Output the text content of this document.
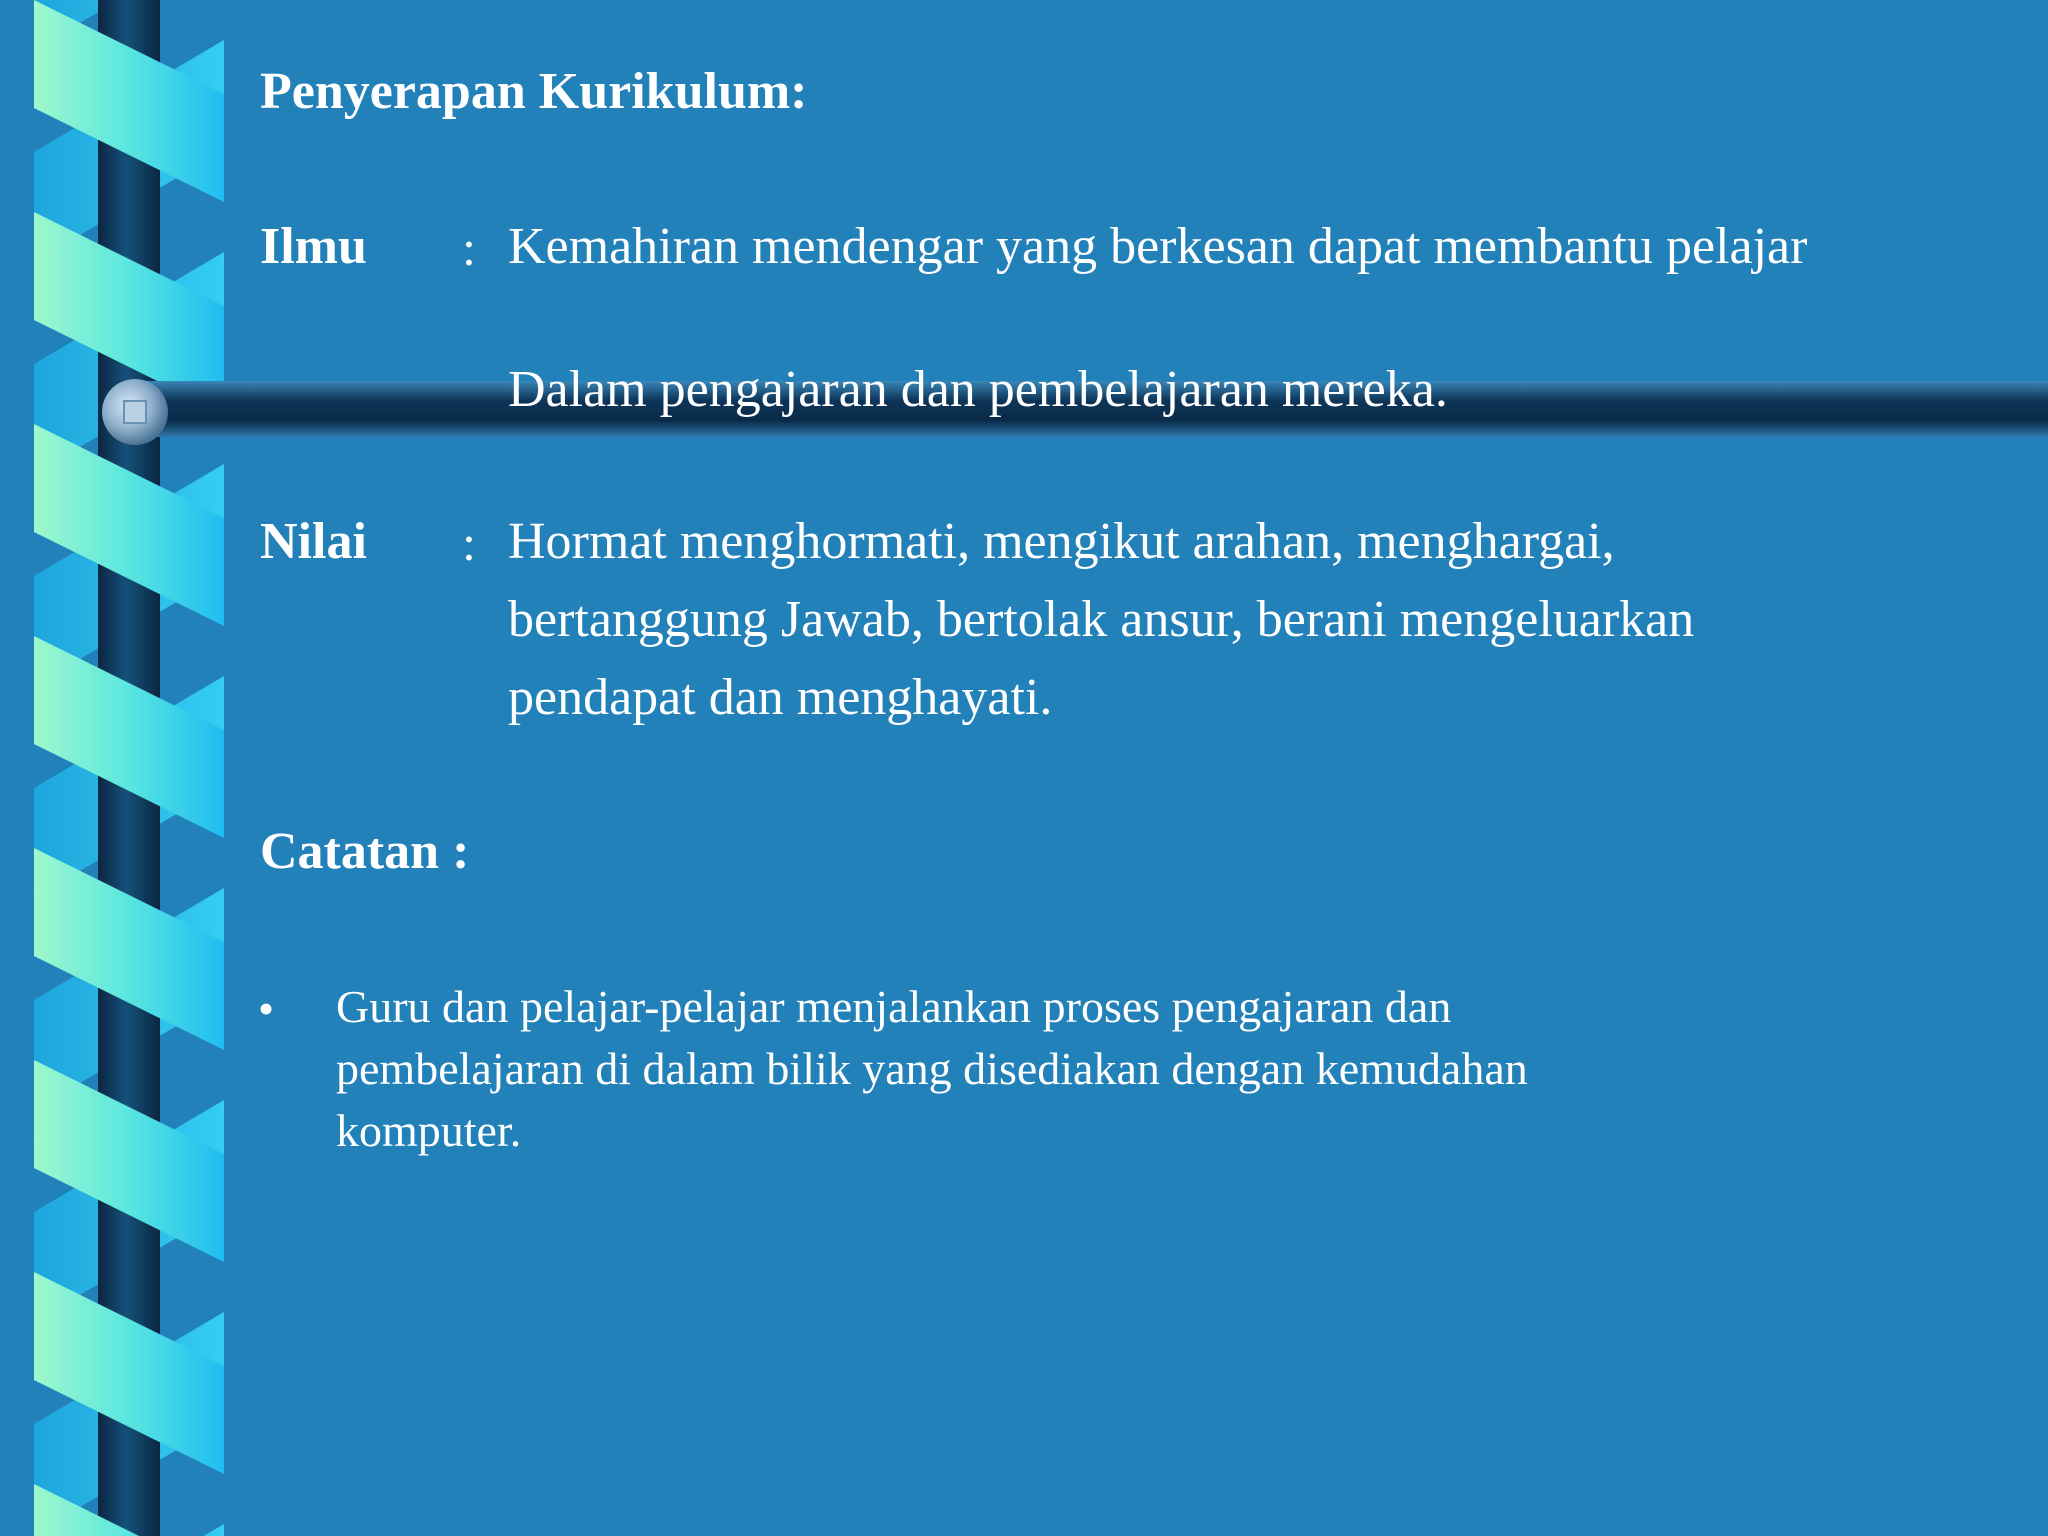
Penyerapan Kurikulum:
Ilmu : Kemahiran mendengar yang berkesan dapat membantu pelajar
Dalam pengajaran dan pembelajaran mereka.
Nilai : Hormat menghormati, mengikut arahan, menghargai,
bertanggung Jawab, bertolak ansur, berani mengeluarkan
pendapat dan menghayati.
Catatan :
• Guru dan pelajar-pelajar menjalankan proses pengajaran dan
pembelajaran di dalam bilik yang disediakan dengan kemudahan
komputer.
